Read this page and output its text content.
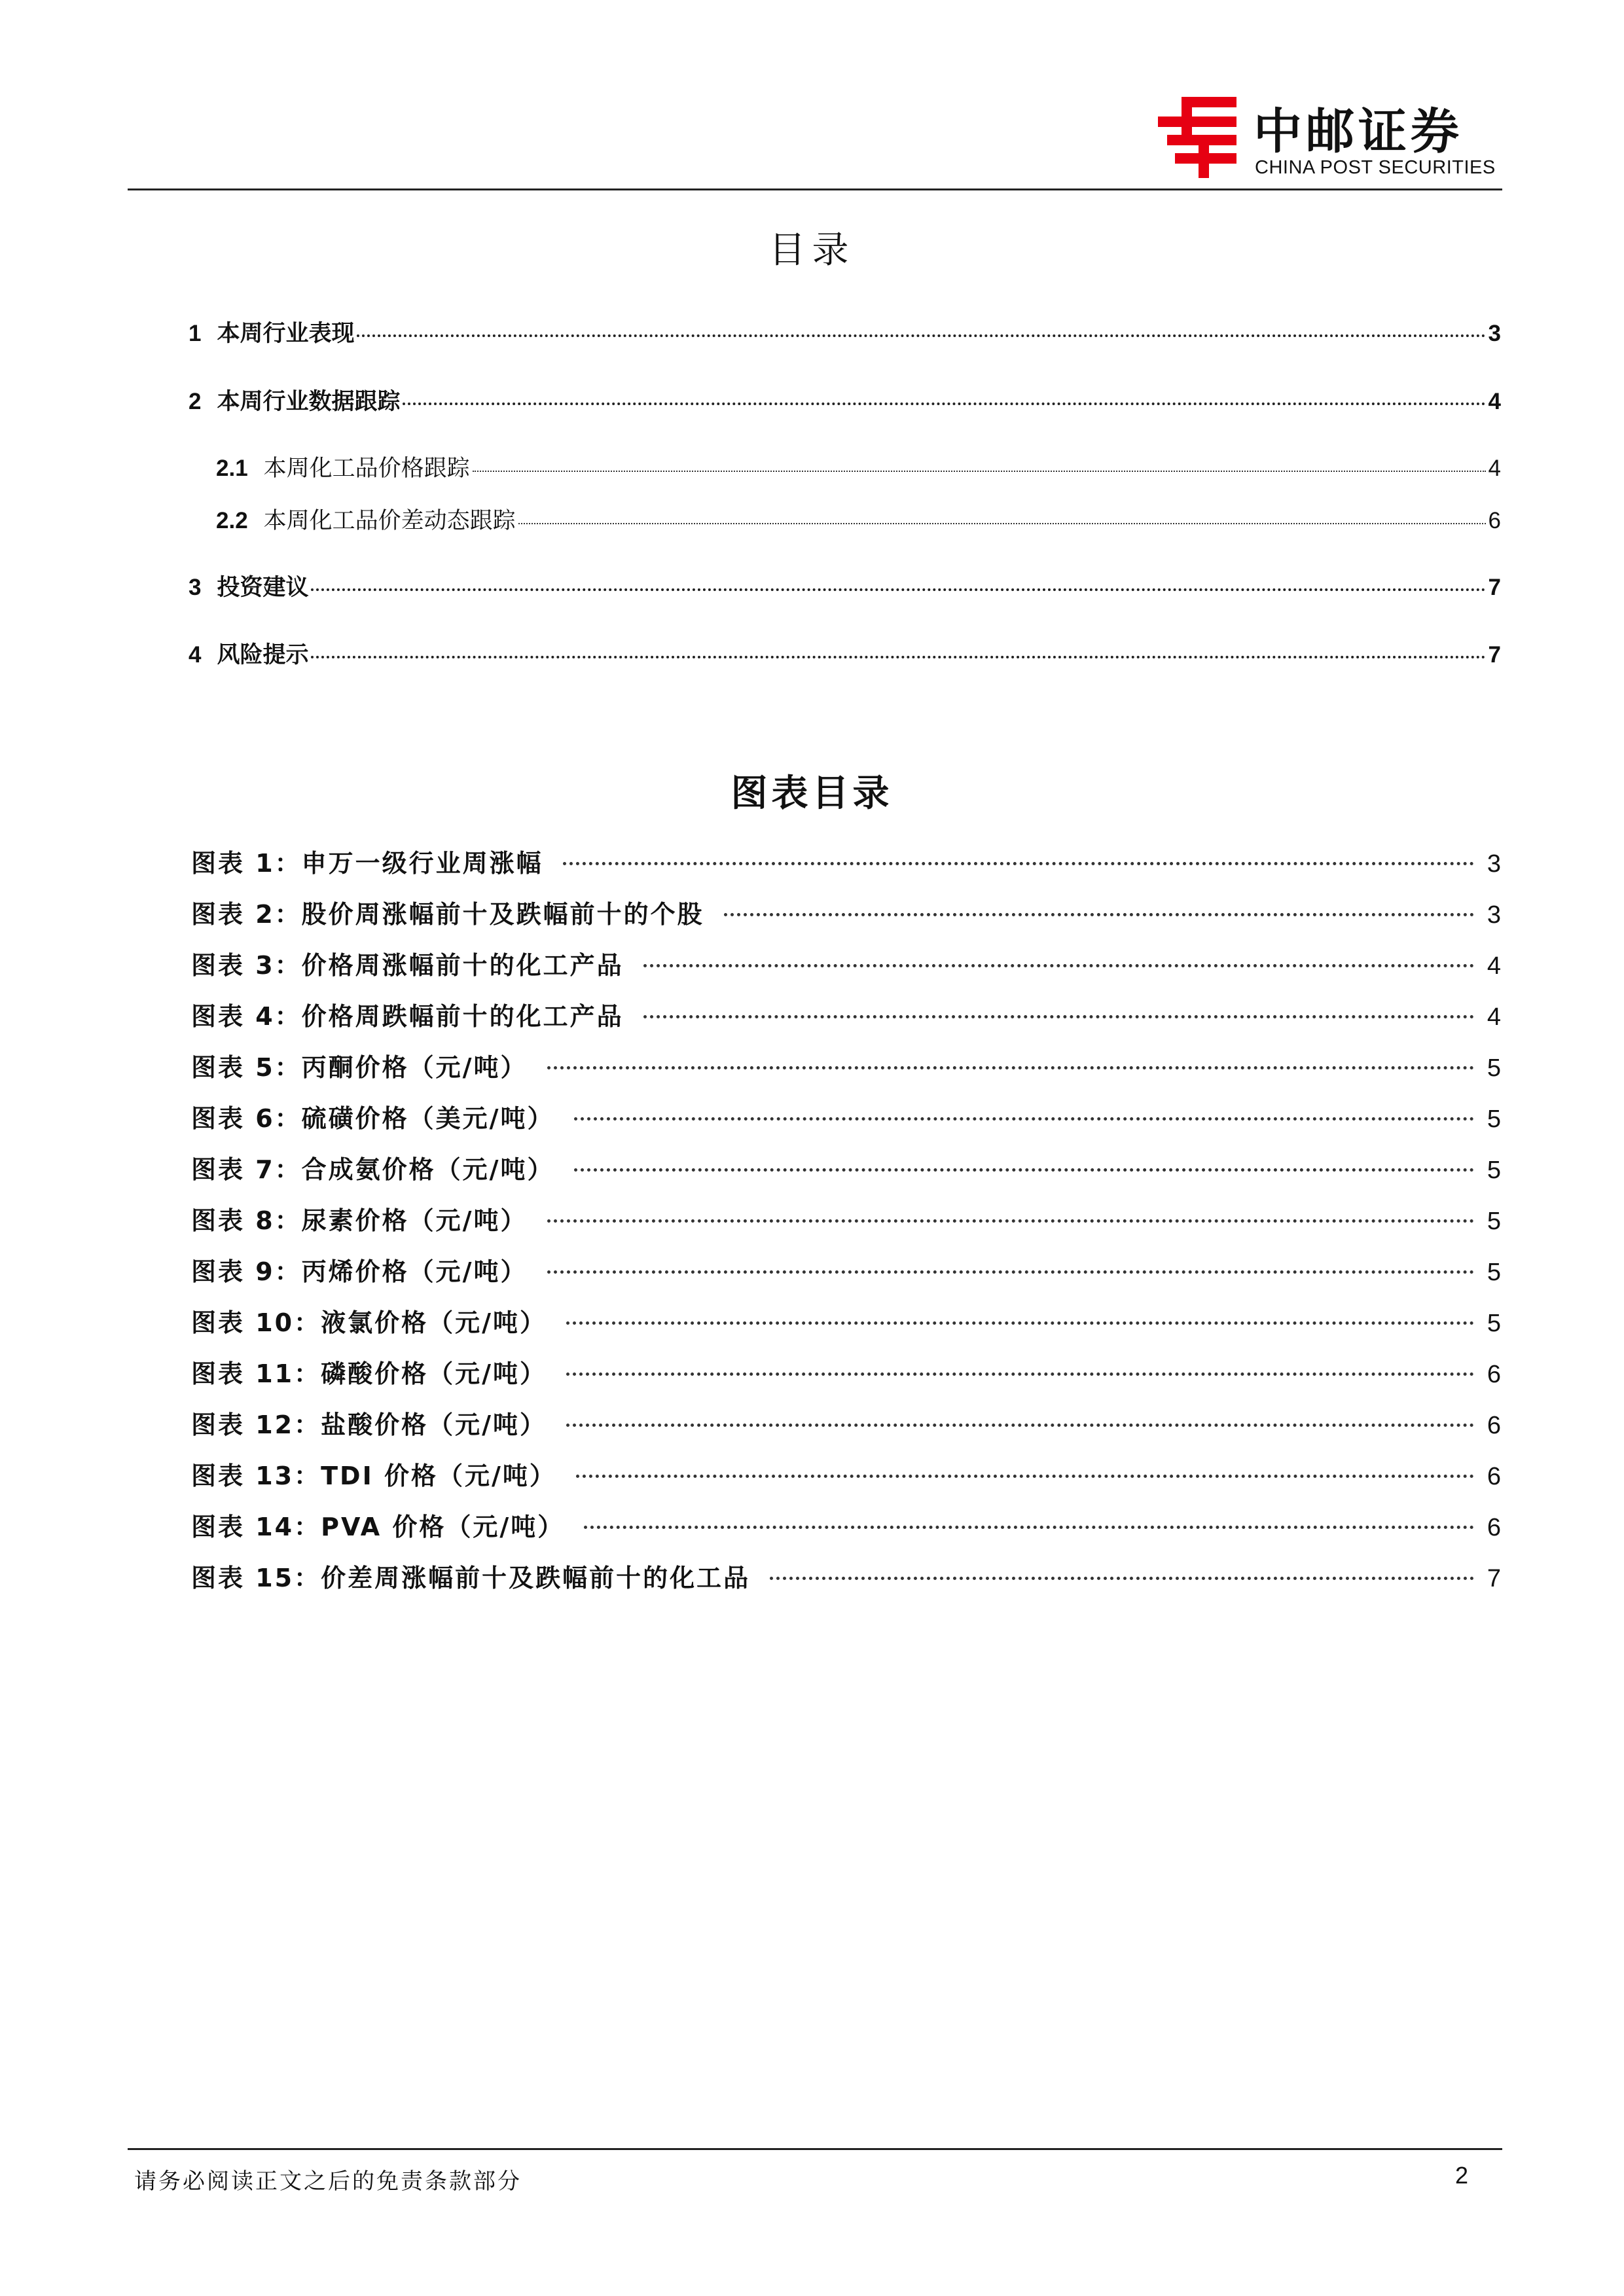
中邮证券
CHINA POST SECURITIES
目录
1 本周行业表现	3
2 本周行业数据跟踪	4
2.1 本周化工品价格跟踪	4
2.2 本周化工品价差动态跟踪	6
3 投资建议	7
4 风险提示	7
图表目录
图表 1：申万一级行业周涨幅	3
图表 2：股价周涨幅前十及跌幅前十的个股	3
图表 3：价格周涨幅前十的化工产品	4
图表 4：价格周跌幅前十的化工产品	4
图表 5：丙酮价格（元/吨）	5
图表 6：硫磺价格（美元/吨）	5
图表 7：合成氨价格（元/吨）	5
图表 8：尿素价格（元/吨）	5
图表 9：丙烯价格（元/吨）	5
图表 10：液氯价格（元/吨）	5
图表 11：磷酸价格（元/吨）	6
图表 12：盐酸价格（元/吨）	6
图表 13：TDI 价格（元/吨）	6
图表 14：PVA 价格（元/吨）	6
图表 15：价差周涨幅前十及跌幅前十的化工品	7
请务必阅读正文之后的免责条款部分	2
